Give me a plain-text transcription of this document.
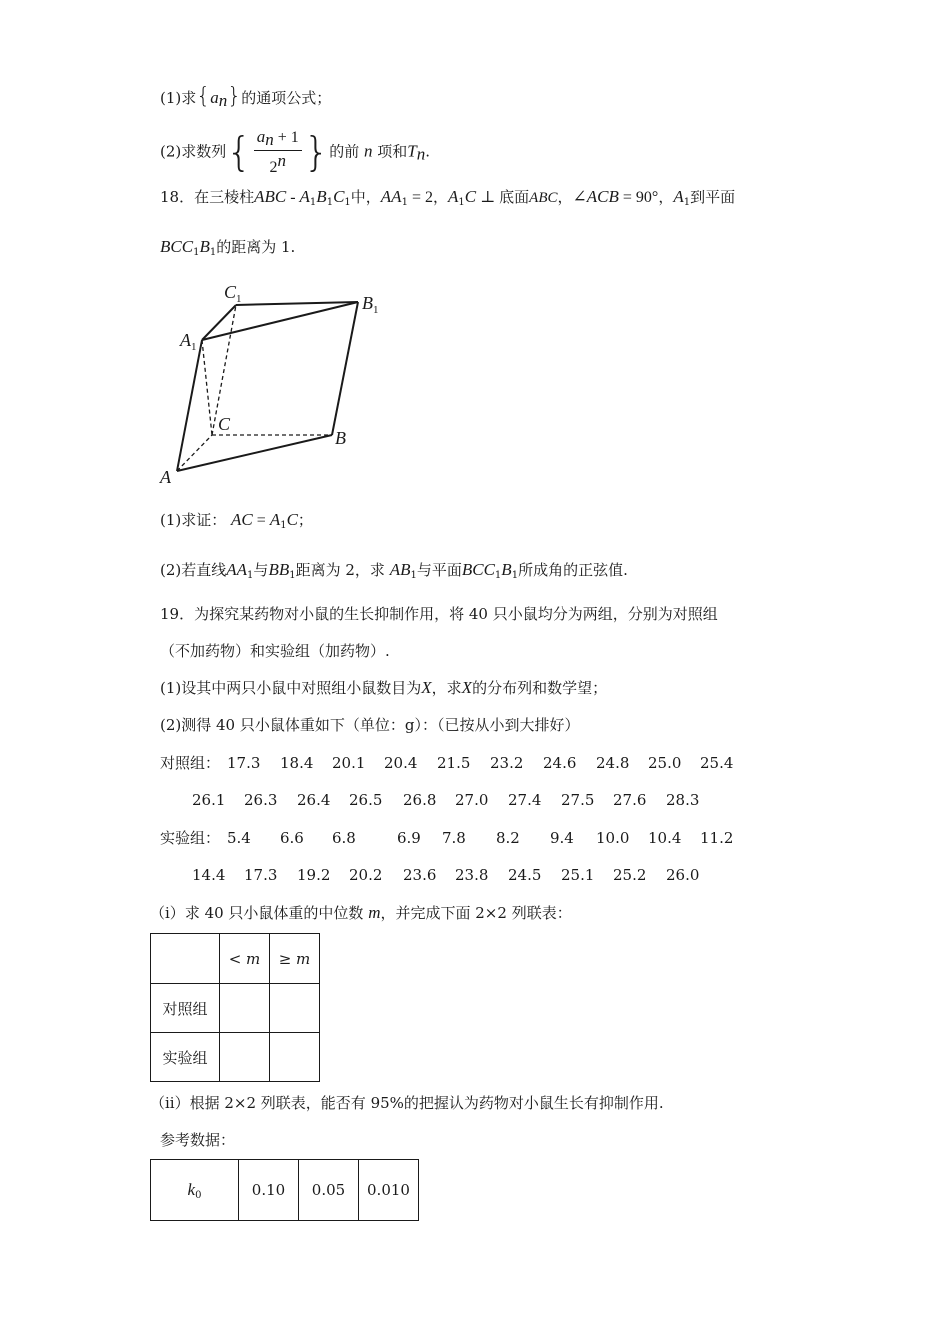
(1)求$\{a_n\}$的通项公式；
(2)求数列{ $\frac{a_n + 1}{2^n}$ }的前 n 项和$T_n$.
18．在三棱柱ABC - $A_1B_1C_1$中，$AA_1 = 2$，$A_1C$ ⊥ 底面ABC，∠ACB = 90°，$A_1$到平面
$BCC_1B_1$的距离为 1.
$C_1$	$B_1$
$A_1$
C
B
A
(1)求证： AC = $A_1C$；
(2)若直线$AA_1$与$BB_1$距离为 2，求 $AB_1$与平面$BCC_1B_1$所成角的正弦值.
19．为探究某药物对小鼠的生长抑制作用，将 40 只小鼠均分为两组，分别为对照组
（不加药物）和实验组（加药物）.
(1)设其中两只小鼠中对照组小鼠数目为X，求X的分布列和数学望；
(2)测得 40 只小鼠体重如下（单位：g）：（已按从小到大排好）
对照组： 17.3 18.4 20.1 20.4 21.5 23.2 24.6 24.8 25.0 25.4
26.1 26.3 26.4 26.5 26.8 27.0 27.4 27.5 27.6 28.3
实验组： 5.4 6.6 6.8	6.9 7.8 8.2 9.4 10.0 10.4 11.2
14.4 17.3 19.2 20.2 23.6 23.8 24.5 25.1 25.2 26.0
（i）求 40 只小鼠体重的中位数 m，并完成下面 2×2 列联表：
	< m	≥ m
对照组		
实验组		
（ii）根据 2×2 列联表，能否有 95%的把握认为药物对小鼠生长有抑制作用.
参考数据：
$k_0$	0.10	0.05	0.010
